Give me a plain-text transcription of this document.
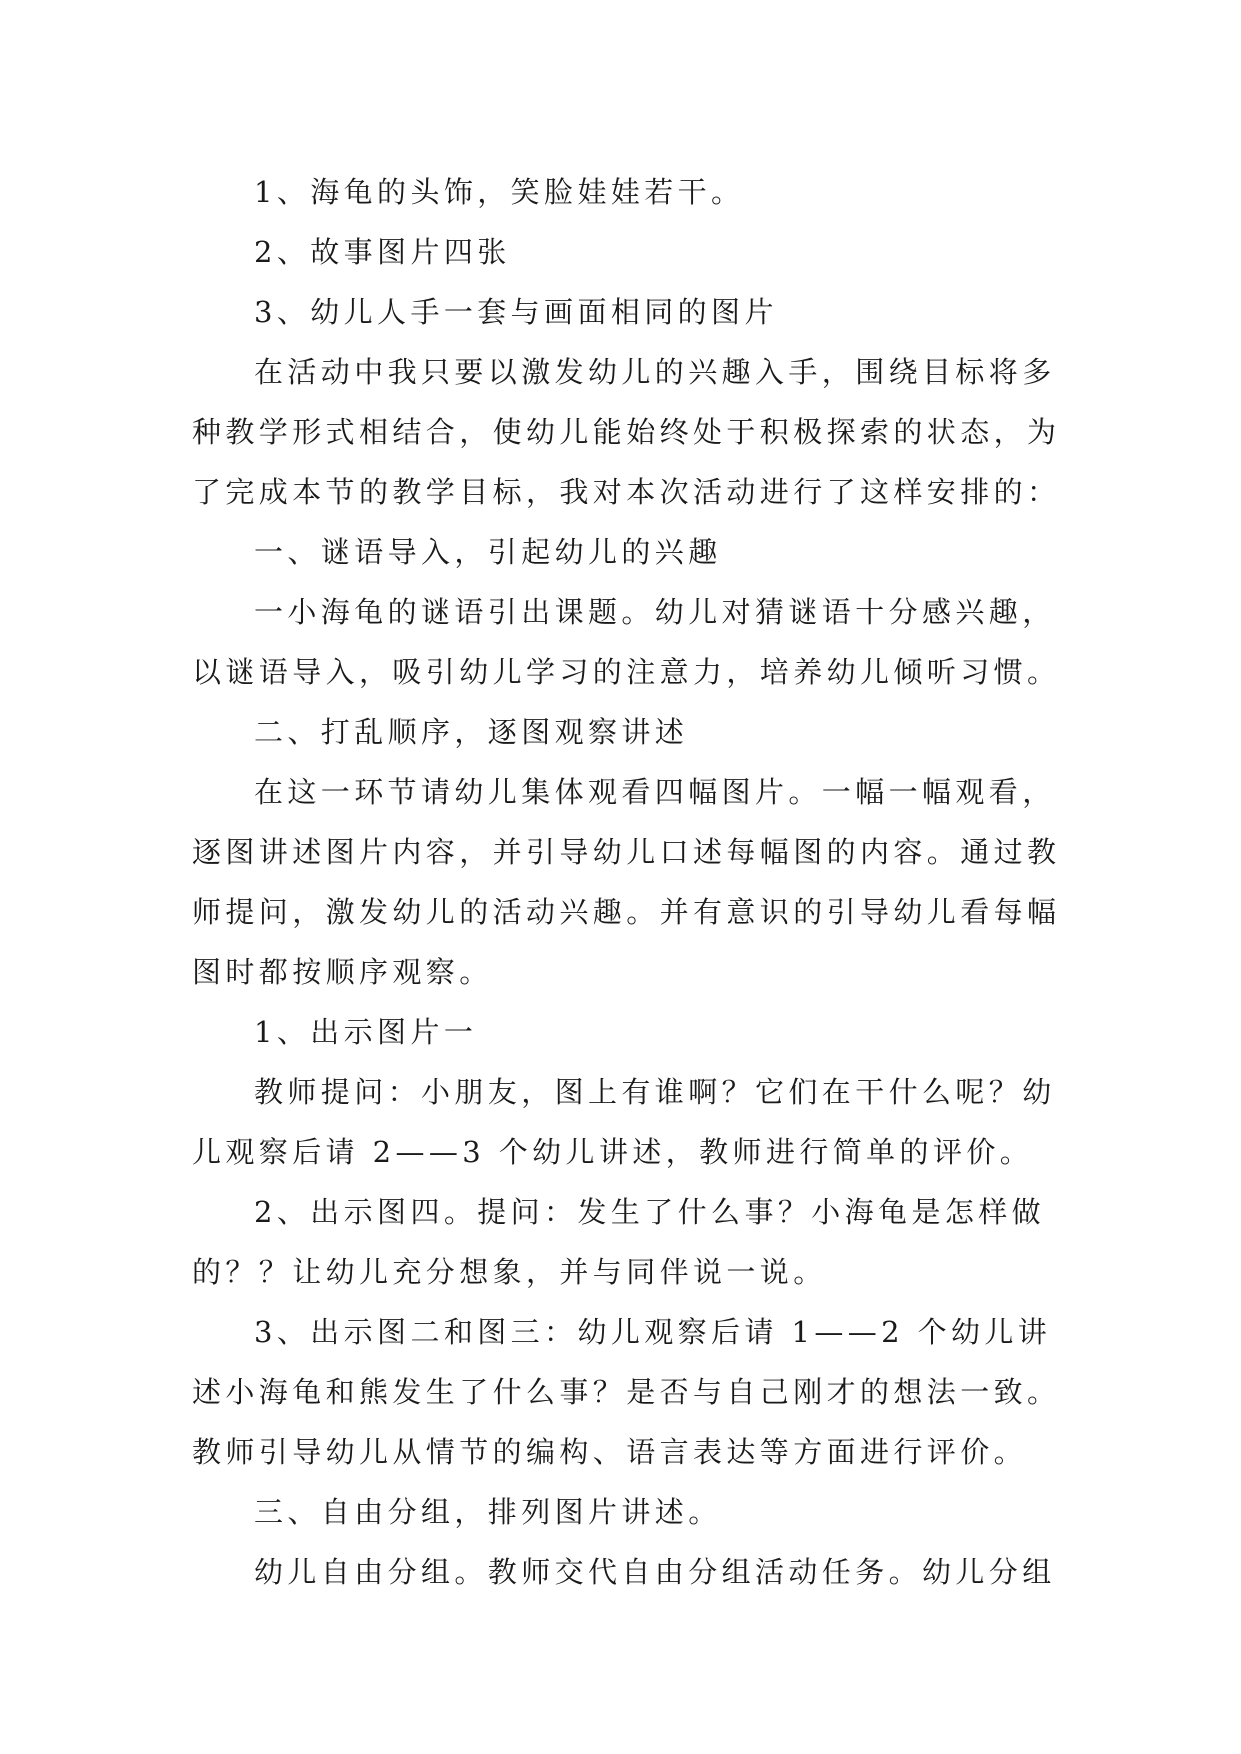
1、海龟的头饰，笑脸娃娃若干。

2、故事图片四张

3、幼儿人手一套与画面相同的图片

在活动中我只要以激发幼儿的兴趣入手，围绕目标将多种教学形式相结合，使幼儿能始终处于积极探索的状态，为了完成本节的教学目标，我对本次活动进行了这样安排的：

一、谜语导入，引起幼儿的兴趣

一小海龟的谜语引出课题。幼儿对猜谜语十分感兴趣，以谜语导入，吸引幼儿学习的注意力，培养幼儿倾听习惯。

二、打乱顺序，逐图观察讲述

在这一环节请幼儿集体观看四幅图片。一幅一幅观看，逐图讲述图片内容，并引导幼儿口述每幅图的内容。通过教师提问，激发幼儿的活动兴趣。并有意识的引导幼儿看每幅图时都按顺序观察。

1、出示图片一

教师提问：小朋友，图上有谁啊？它们在干什么呢？幼儿观察后请 2——3 个幼儿讲述，教师进行简单的评价。

2、出示图四。提问：发生了什么事？小海龟是怎样做的？？让幼儿充分想象，并与同伴说一说。

3、出示图二和图三：幼儿观察后请 1——2 个幼儿讲述小海龟和熊发生了什么事？是否与自己刚才的想法一致。教师引导幼儿从情节的编构、语言表达等方面进行评价。

三、自由分组，排列图片讲述。

幼儿自由分组。教师交代自由分组活动任务。幼儿分组
